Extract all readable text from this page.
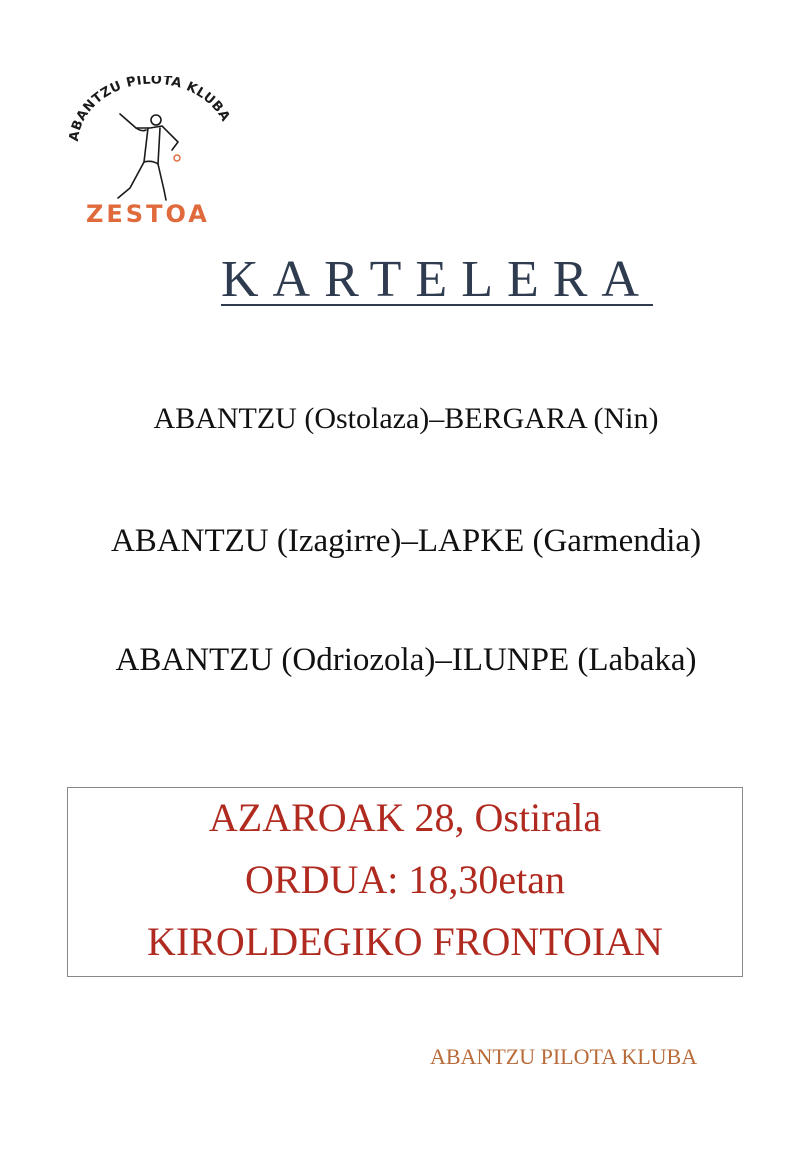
ABANTZU PILOTA KLUBA
ZESTOA
KARTELERA
ABANTZU (Ostolaza)–BERGARA (Nin)
ABANTZU (Izagirre)–LAPKE (Garmendia)
ABANTZU (Odriozola)–ILUNPE (Labaka)
AZAROAK 28, Ostirala
ORDUA: 18,30etan
KIROLDEGIKO FRONTOIAN
ABANTZU PILOTA KLUBA
